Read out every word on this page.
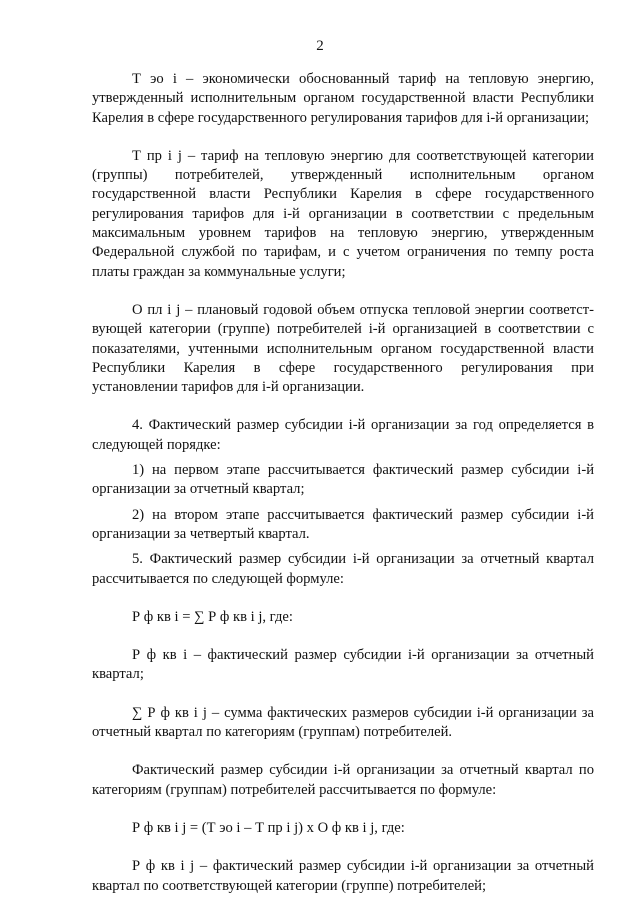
2

Т эо i – экономически обоснованный тариф на тепловую энергию, утвержденный исполнительным органом государственной власти Республики Карелия в сфере государственного регулирования тарифов для i-й организации;

Т пр i j – тариф на тепловую энергию для соответствующей категории (группы) потребителей, утвержденный исполнительным органом государственной власти Республики Карелия в сфере государственного регулирования тарифов для i-й организации в соответствии с предельным максимальным уровнем тарифов на тепловую энергию, утвержденным Федеральной службой по тарифам, и с учетом ограничения по темпу роста платы граждан за коммунальные услуги;

О пл i j – плановый годовой объем отпуска тепловой энергии соответст-вующей категории (группе) потребителей i-й организацией в соответствии с показателями, учтенными исполнительным органом государственной власти Республики Карелия в сфере государственного регулирования при установлении тарифов для i-й организации.

4. Фактический размер субсидии i-й организации за год определяется в следующей порядке:

1) на первом этапе рассчитывается фактический размер субсидии i-й организации за отчетный квартал;

2) на втором этапе рассчитывается фактический размер субсидии i-й организации за четвертый квартал.

5. Фактический размер субсидии i-й организации за отчетный квартал рассчитывается по следующей формуле:

Р ф кв i = ∑ Р ф кв i j, где:

Р ф кв i – фактический размер субсидии i-й организации за отчетный квартал;

∑ Р ф кв i j – сумма фактических размеров субсидии i-й организации за отчетный квартал по категориям (группам) потребителей.

Фактический размер субсидии i-й организации за отчетный квартал по категориям (группам) потребителей рассчитывается по формуле:

Р ф кв i j = (Т эо i – Т пр i j) х О ф кв i j, где:

Р ф кв i j – фактический размер субсидии i-й организации за отчетный квартал по соответствующей категории (группе) потребителей;
